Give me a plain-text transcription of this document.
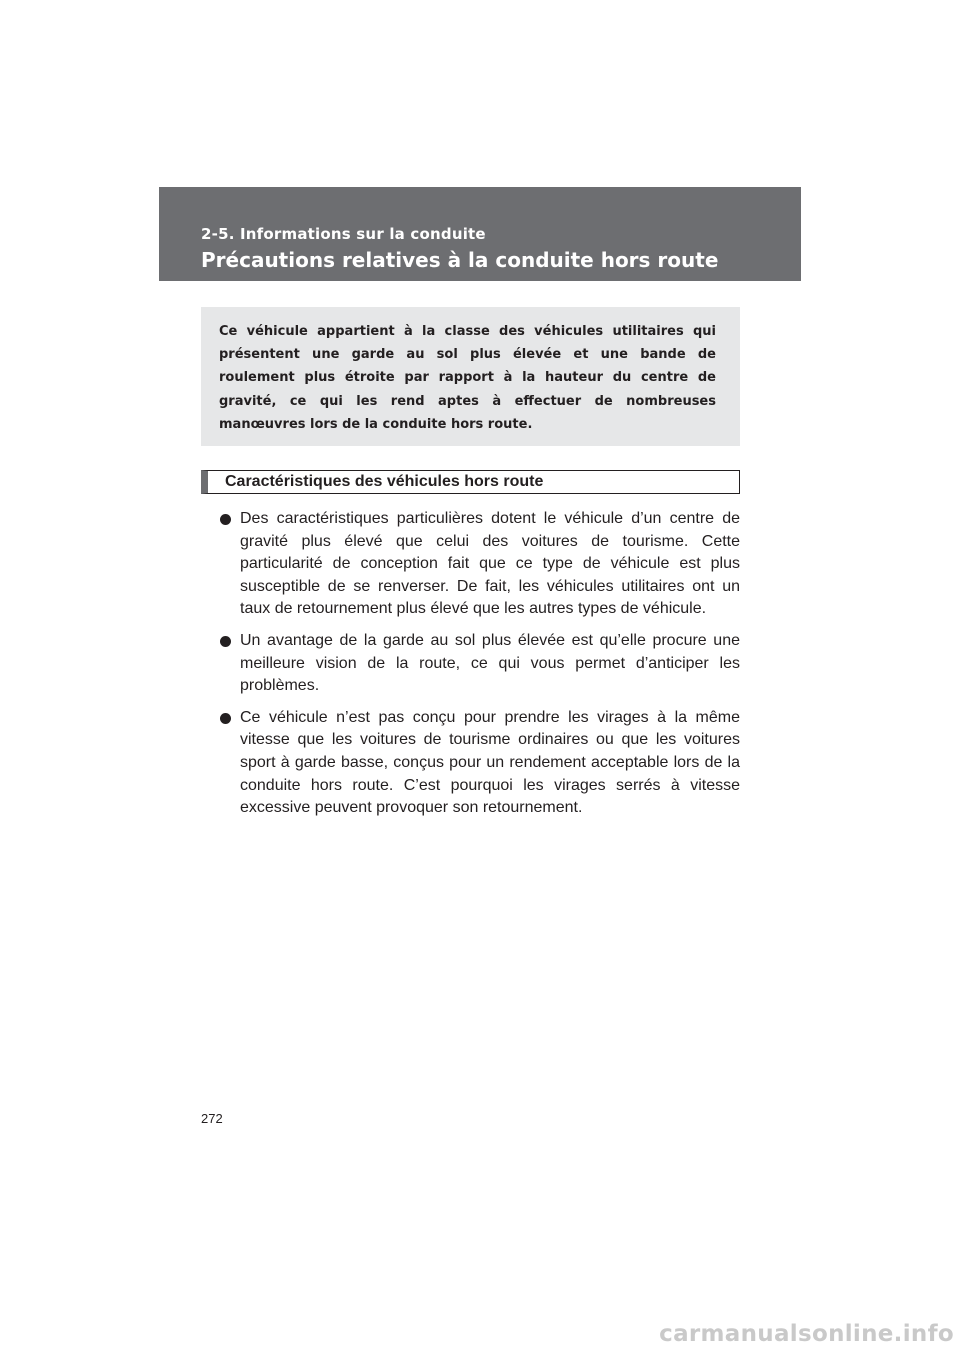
2-5. Informations sur la conduite
Précautions relatives à la conduite hors route

Ce véhicule appartient à la classe des véhicules utilitaires qui présentent une garde au sol plus élevée et une bande de roulement plus étroite par rapport à la hauteur du centre de gravité, ce qui les rend aptes à effectuer de nombreuses manœuvres lors de la conduite hors route.

Caractéristiques des véhicules hors route
Des caractéristiques particulières dotent le véhicule d’un centre de gravité plus élevé que celui des voitures de tourisme. Cette particularité de conception fait que ce type de véhicule est plus susceptible de se renverser. De fait, les véhicules utilitaires ont un taux de retournement plus élevé que les autres types de véhicule.
Un avantage de la garde au sol plus élevée est qu’elle procure une meilleure vision de la route, ce qui vous permet d’anticiper les problèmes.
Ce véhicule n’est pas conçu pour prendre les virages à la même vitesse que les voitures de tourisme ordinaires ou que les voitures sport à garde basse, conçus pour un rendement acceptable lors de la conduite hors route. C’est pourquoi les virages serrés à vitesse excessive peuvent provoquer son retournement.
272
carmanualsonline.info
